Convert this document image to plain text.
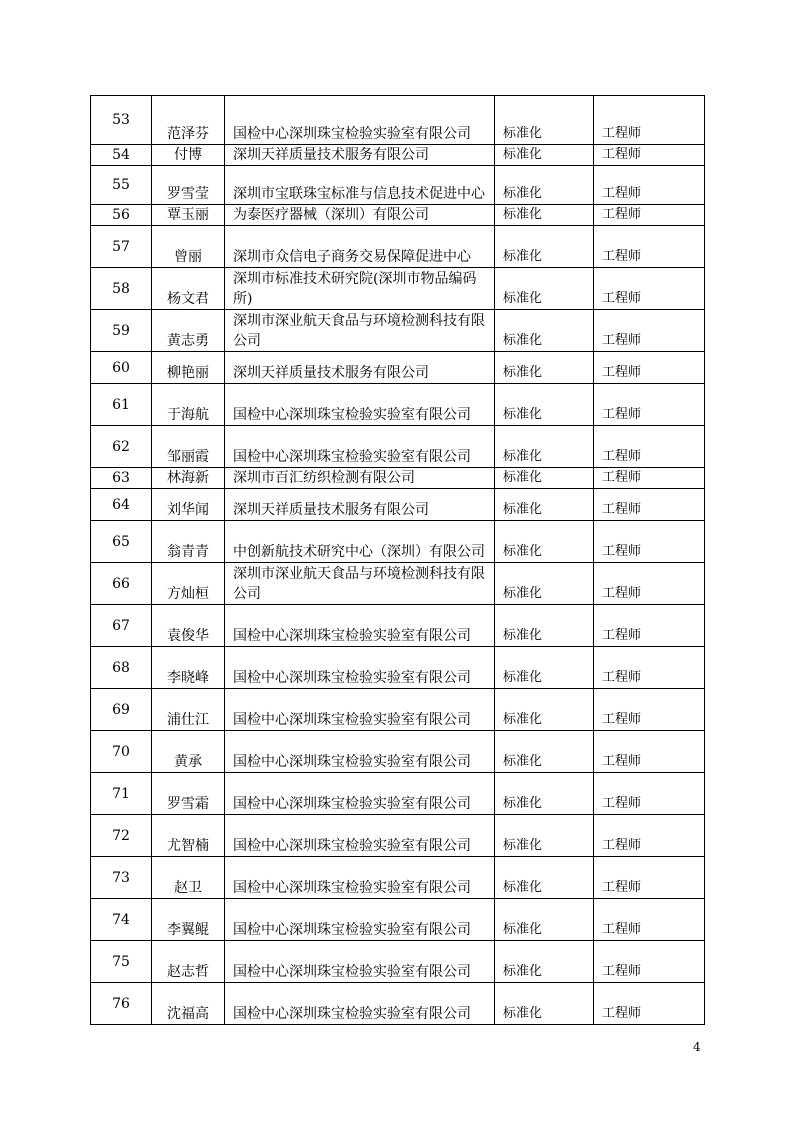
53	范泽芬	国检中心深圳珠宝检验实验室有限公司	标准化	工程师
54	付博	深圳天祥质量技术服务有限公司	标准化	工程师
55	罗雪莹	深圳市宝联珠宝标准与信息技术促进中心	标准化	工程师
56	覃玉丽	为泰医疗器械（深圳）有限公司	标准化	工程师
57	曾丽	深圳市众信电子商务交易保障促进中心	标准化	工程师
58	杨文君	深圳市标准技术研究院(深圳市物品编码所)	标准化	工程师
59	黄志勇	深圳市深业航天食品与环境检测科技有限公司	标准化	工程师
60	柳艳丽	深圳天祥质量技术服务有限公司	标准化	工程师
61	于海航	国检中心深圳珠宝检验实验室有限公司	标准化	工程师
62	邹丽霞	国检中心深圳珠宝检验实验室有限公司	标准化	工程师
63	林海新	深圳市百汇纺织检测有限公司	标准化	工程师
64	刘华闻	深圳天祥质量技术服务有限公司	标准化	工程师
65	翁青青	中创新航技术研究中心（深圳）有限公司	标准化	工程师
66	方灿桓	深圳市深业航天食品与环境检测科技有限公司	标准化	工程师
67	袁俊华	国检中心深圳珠宝检验实验室有限公司	标准化	工程师
68	李晓峰	国检中心深圳珠宝检验实验室有限公司	标准化	工程师
69	浦仕江	国检中心深圳珠宝检验实验室有限公司	标准化	工程师
70	黄承	国检中心深圳珠宝检验实验室有限公司	标准化	工程师
71	罗雪霜	国检中心深圳珠宝检验实验室有限公司	标准化	工程师
72	尤智楠	国检中心深圳珠宝检验实验室有限公司	标准化	工程师
73	赵卫	国检中心深圳珠宝检验实验室有限公司	标准化	工程师
74	李翼鲲	国检中心深圳珠宝检验实验室有限公司	标准化	工程师
75	赵志哲	国检中心深圳珠宝检验实验室有限公司	标准化	工程师
76	沈福高	国检中心深圳珠宝检验实验室有限公司	标准化	工程师
4
